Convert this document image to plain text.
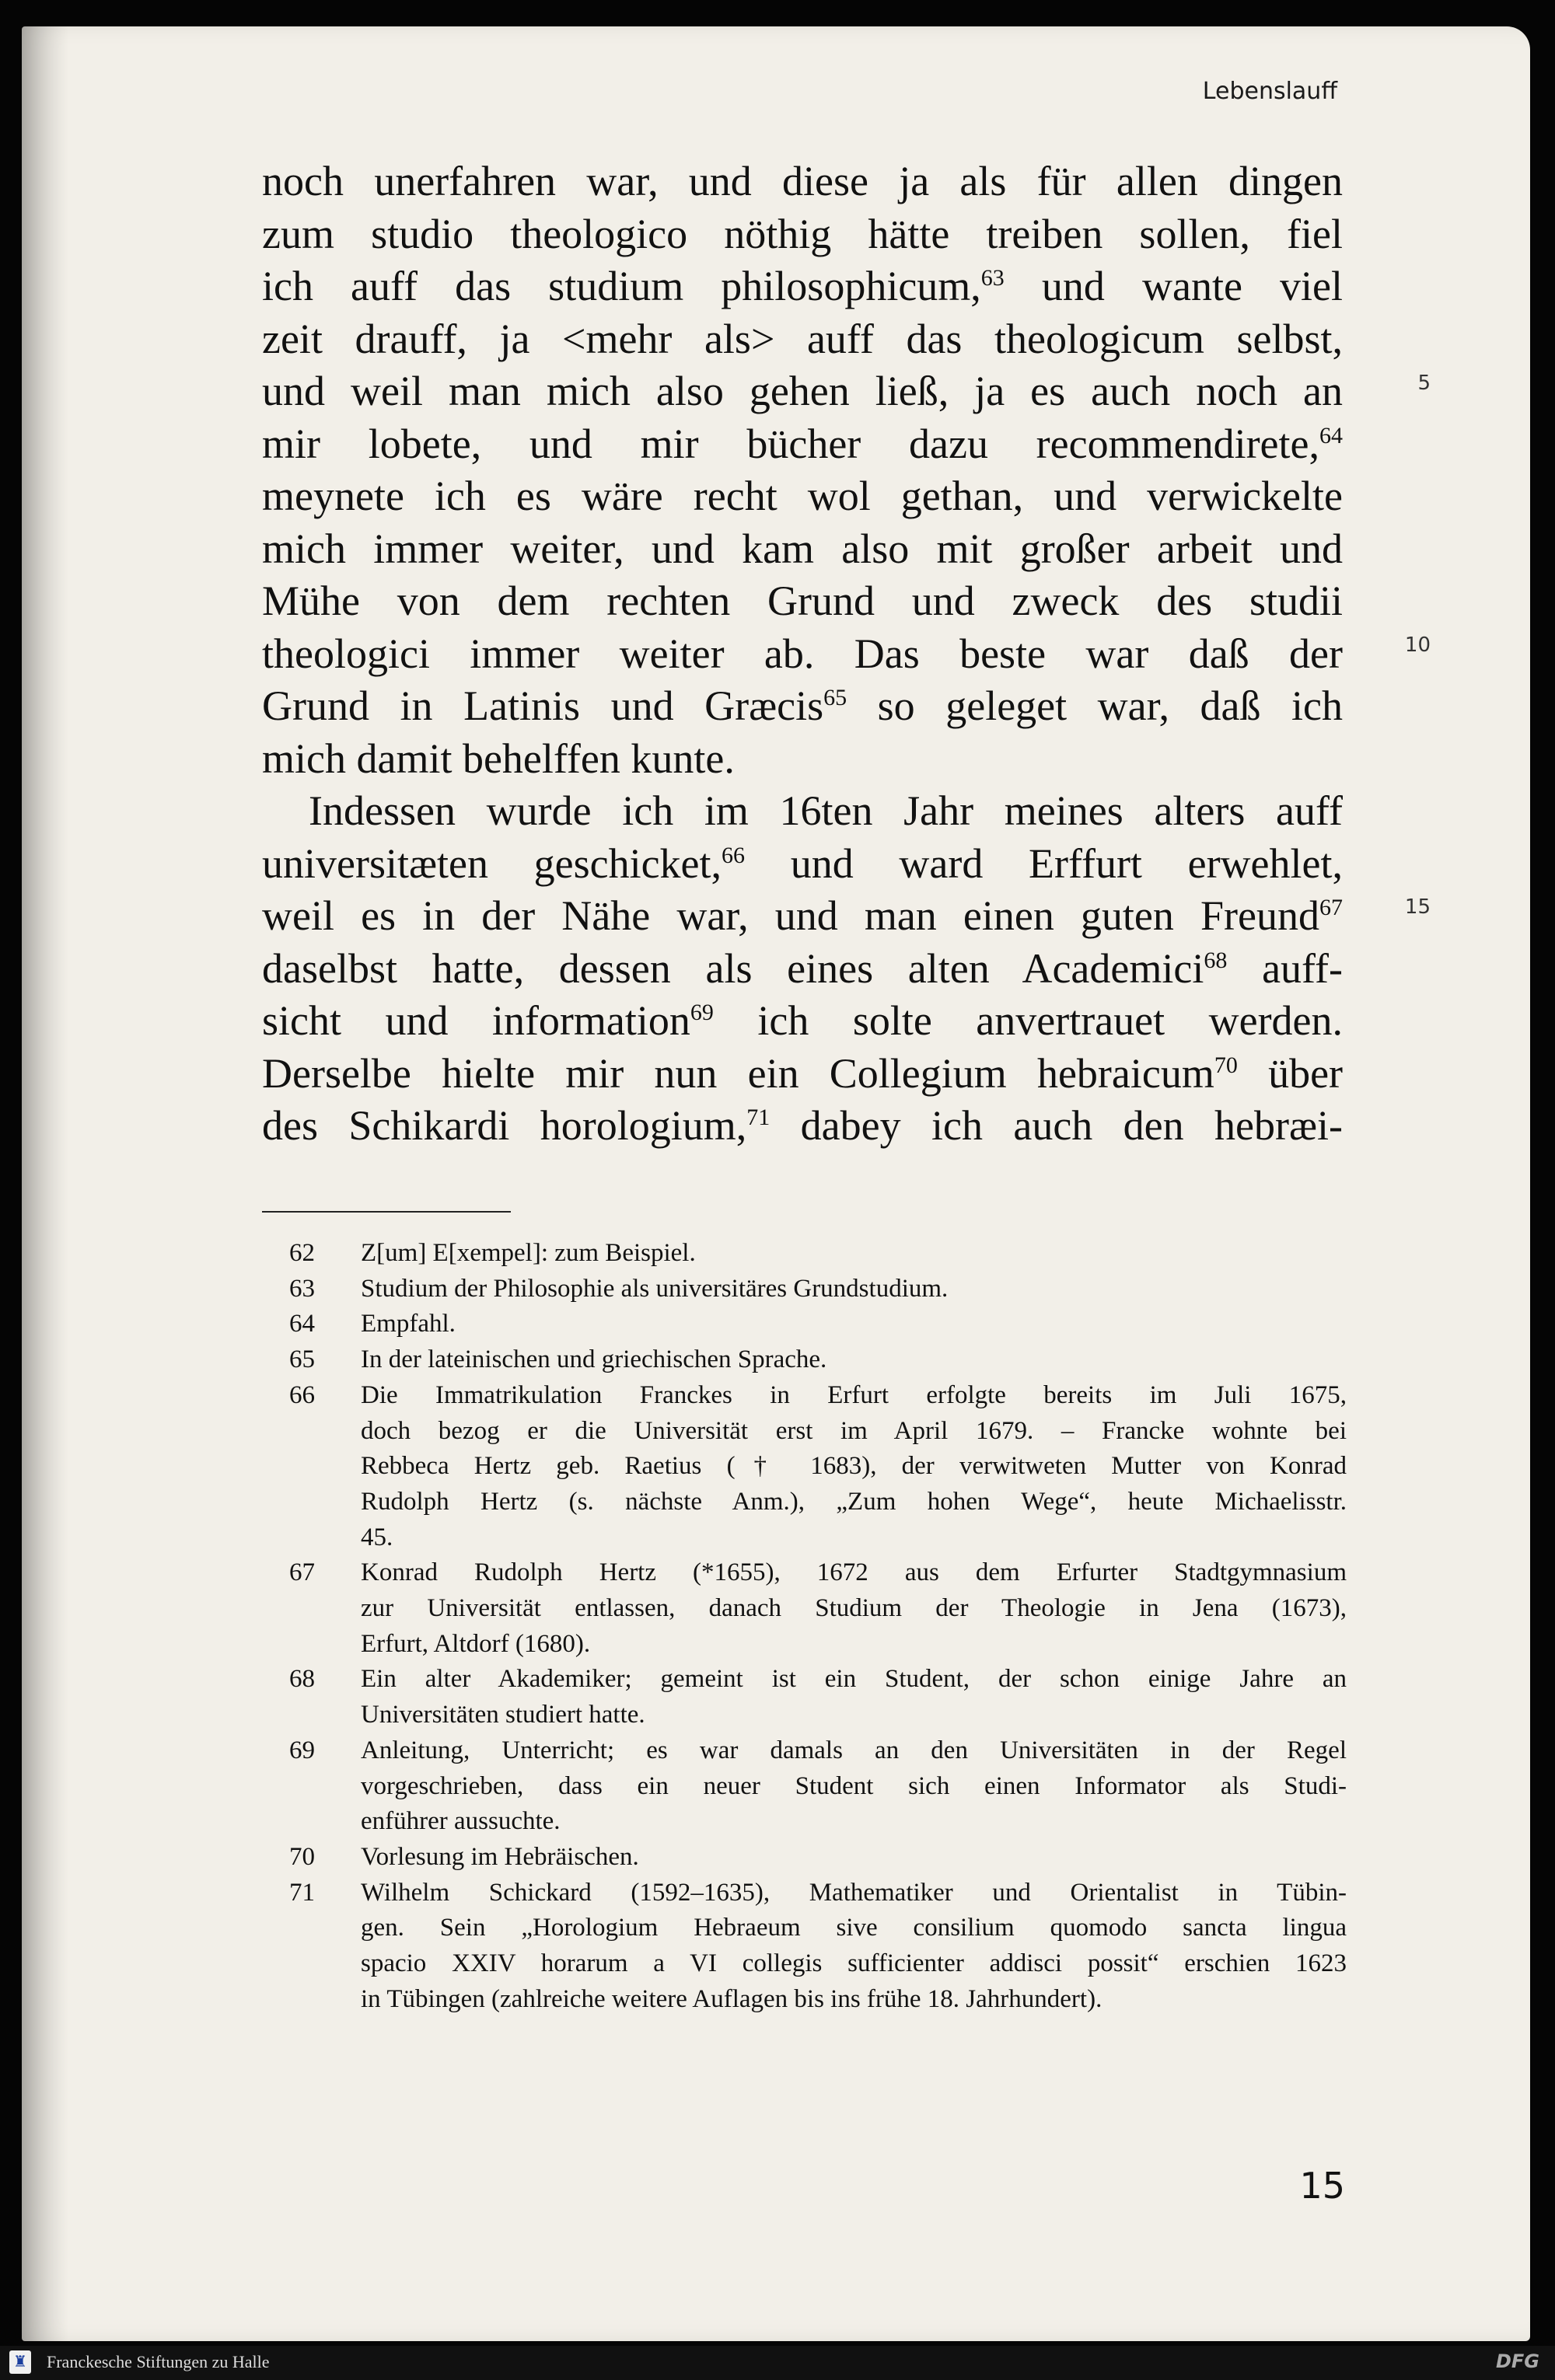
Lebenslauff
noch unerfahren war, und diese ja als für allen dingen
zum studio theologico nöthig hätte treiben sollen, fiel
ich auff das studium philosophicum,$^{63}$ und wante viel
zeit drauff, ja <mehr als> auff das theologicum selbst,
und weil man mich also gehen ließ, ja es auch noch an
mir lobete, und mir bücher dazu recommendirete,$^{64}$
meynete ich es wäre recht wol gethan, und verwickelte
mich immer weiter, und kam also mit großer arbeit und
Mühe von dem rechten Grund und zweck des studii
theologici immer weiter ab. Das beste war daß der
Grund in Latinis und Græcis$^{65}$ so geleget war, daß ich
mich damit behelffen kunte.
Indessen wurde ich im 16ten Jahr meines alters auff
universitæten geschicket,$^{66}$ und ward Erffurt erwehlet,
weil es in der Nähe war, und man einen guten Freund$^{67}$
daselbst hatte, dessen als eines alten Academici$^{68}$ auff-
sicht und information$^{69}$ ich solte anvertrauet werden.
Derselbe hielte mir nun ein Collegium hebraicum$^{70}$ über
des Schikardi horologium,$^{71}$ dabey ich auch den hebræi-
5
10
15
62	Z[um] E[xempel]: zum Beispiel.
63	Studium der Philosophie als universitäres Grundstudium.
64	Empfahl.
65	In der lateinischen und griechischen Sprache.
66	Die Immatrikulation Franckes in Erfurt erfolgte bereits im Juli 1675,
doch bezog er die Universität erst im April 1679. – Francke wohnte bei
Rebbeca Hertz geb. Raetius († 1683), der verwitweten Mutter von Konrad
Rudolph Hertz (s. nächste Anm.), „Zum hohen Wege“, heute Michaelisstr.
45.
67	Konrad Rudolph Hertz (*1655), 1672 aus dem Erfurter Stadtgymnasium
zur Universität entlassen, danach Studium der Theologie in Jena (1673),
Erfurt, Altdorf (1680).
68	Ein alter Akademiker; gemeint ist ein Student, der schon einige Jahre an
Universitäten studiert hatte.
69	Anleitung, Unterricht; es war damals an den Universitäten in der Regel
vorgeschrieben, dass ein neuer Student sich einen Informator als Studi-
enführer aussuchte.
70	Vorlesung im Hebräischen.
71	Wilhelm Schickard (1592–1635), Mathematiker und Orientalist in Tübin-
gen. Sein „Horologium Hebraeum sive consilium quomodo sancta lingua
spacio XXIV horarum a VI collegis sufficienter addisci possit“ erschien 1623
in Tübingen (zahlreiche weitere Auflagen bis ins frühe 18. Jahrhundert).
15
♜ Franckesche Stiftungen zu Halle	DFG
